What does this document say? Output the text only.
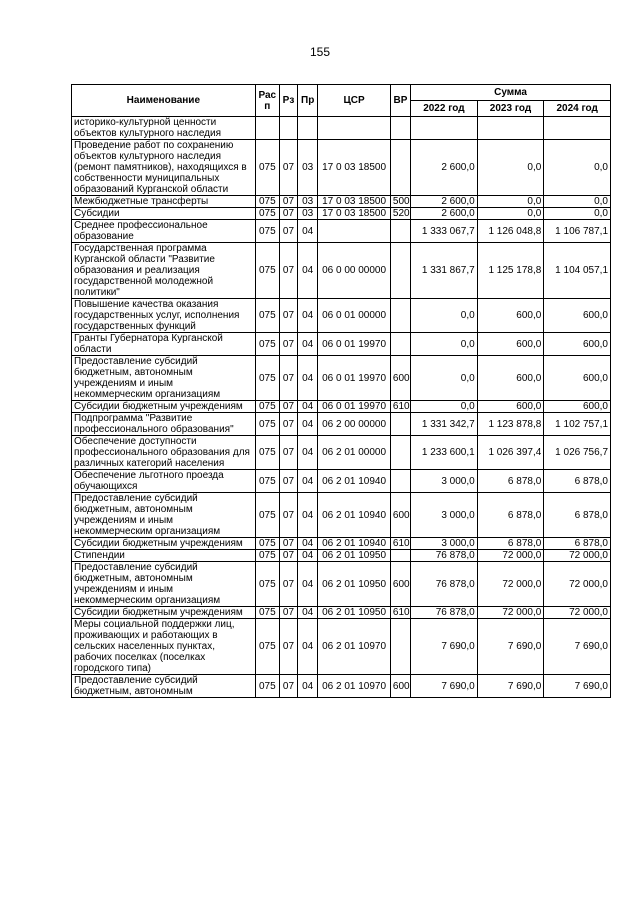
155
Наименование	Рас п	Рз	Пр	ЦСР	ВР	Сумма		
						2022 год	2023 год	2024 год
историко-культурной ценности объектов культурного наследия								
Проведение работ по сохранению объектов культурного наследия (ремонт памятников), находящихся в собственности муниципальных образований Курганской области	075	07	03	17 0 03 18500		2 600,0	0,0	0,0
Межбюджетные трансферты	075	07	03	17 0 03 18500	500	2 600,0	0,0	0,0
Субсидии	075	07	03	17 0 03 18500	520	2 600,0	0,0	0,0
Среднее профессиональное образование	075	07	04			1 333 067,7	1 126 048,8	1 106 787,1
Государственная программа Курганской области "Развитие образования и реализация государственной молодежной политики"	075	07	04	06 0 00 00000		1 331 867,7	1 125 178,8	1 104 057,1
Повышение качества оказания государственных услуг, исполнения государственных функций	075	07	04	06 0 01 00000		0,0	600,0	600,0
Гранты Губернатора Курганской области	075	07	04	06 0 01 19970		0,0	600,0	600,0
Предоставление субсидий бюджетным, автономным учреждениям и иным некоммерческим организациям	075	07	04	06 0 01 19970	600	0,0	600,0	600,0
Субсидии бюджетным учреждениям	075	07	04	06 0 01 19970	610	0,0	600,0	600,0
Подпрограмма "Развитие профессионального образования"	075	07	04	06 2 00 00000		1 331 342,7	1 123 878,8	1 102 757,1
Обеспечение доступности профессионального образования для различных категорий населения	075	07	04	06 2 01 00000		1 233 600,1	1 026 397,4	1 026 756,7
Обеспечение льготного проезда обучающихся	075	07	04	06 2 01 10940		3 000,0	6 878,0	6 878,0
Предоставление субсидий бюджетным, автономным учреждениям и иным некоммерческим организациям	075	07	04	06 2 01 10940	600	3 000,0	6 878,0	6 878,0
Субсидии бюджетным учреждениям	075	07	04	06 2 01 10940	610	3 000,0	6 878,0	6 878,0
Стипендии	075	07	04	06 2 01 10950		76 878,0	72 000,0	72 000,0
Предоставление субсидий бюджетным, автономным учреждениям и иным некоммерческим организациям	075	07	04	06 2 01 10950	600	76 878,0	72 000,0	72 000,0
Субсидии бюджетным учреждениям	075	07	04	06 2 01 10950	610	76 878,0	72 000,0	72 000,0
Меры социальной поддержки лиц, проживающих и работающих в сельских населенных пунктах, рабочих поселках (поселках городского типа)	075	07	04	06 2 01 10970		7 690,0	7 690,0	7 690,0
Предоставление субсидий бюджетным, автономным	075	07	04	06 2 01 10970	600	7 690,0	7 690,0	7 690,0
